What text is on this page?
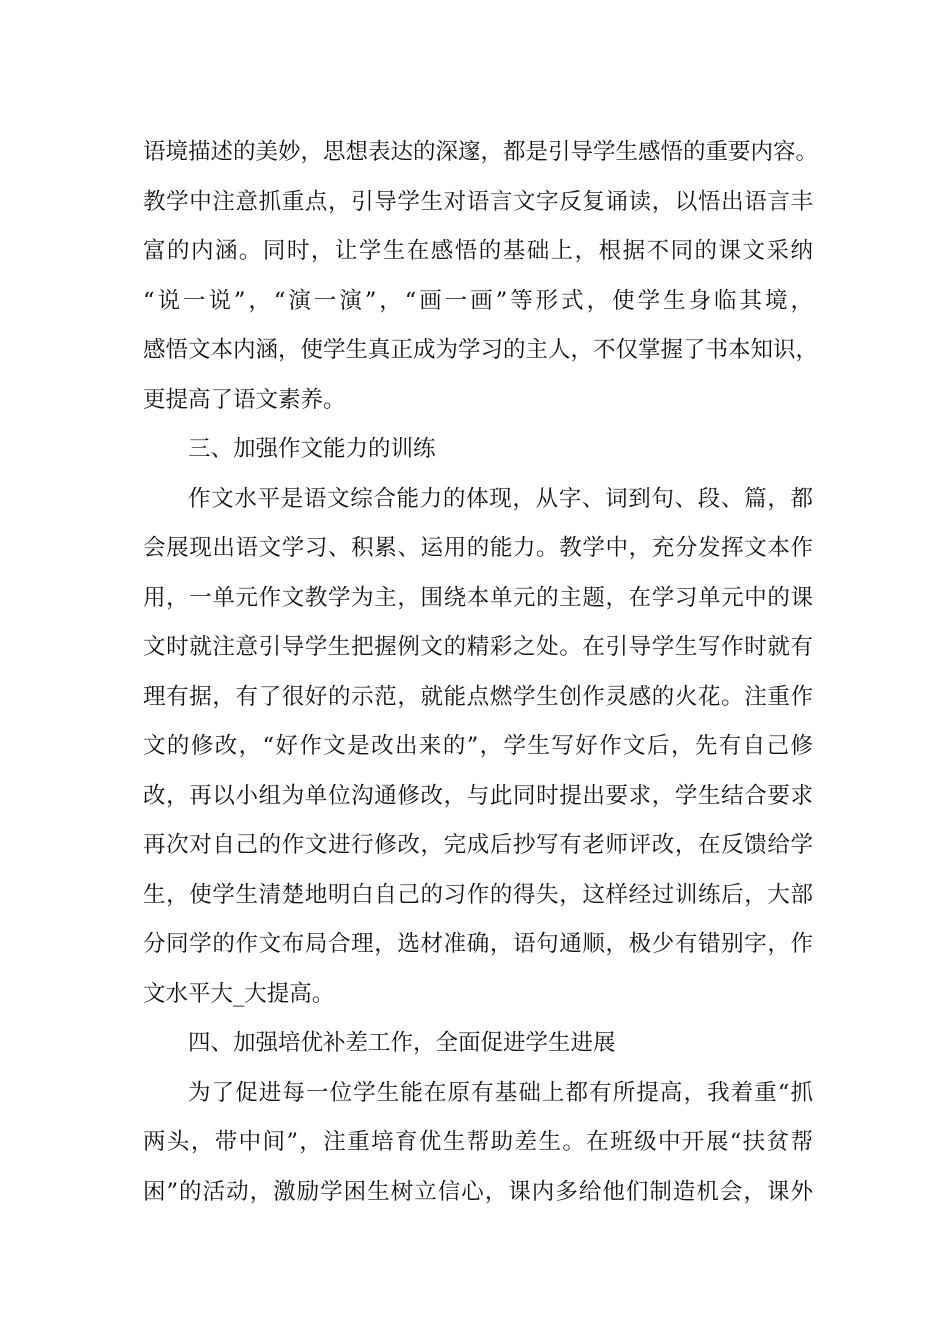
语境描述的美妙，思想表达的深邃，都是引导学生感悟的重要内容。
教学中注意抓重点，引导学生对语言文字反复诵读，以悟出语言丰
富的内涵。同时，让学生在感悟的基础上，根据不同的课文采纳
“说一说”，“演一演”，“画一画”等形式，使学生身临其境，
感悟文本内涵，使学生真正成为学习的主人，不仅掌握了书本知识，
更提高了语文素养。
三、加强作文能力的训练
作文水平是语文综合能力的体现，从字、词到句、段、篇，都
会展现出语文学习、积累、运用的能力。教学中，充分发挥文本作
用，一单元作文教学为主，围绕本单元的主题，在学习单元中的课
文时就注意引导学生把握例文的精彩之处。在引导学生写作时就有
理有据，有了很好的示范，就能点燃学生创作灵感的火花。注重作
文的修改，“好作文是改出来的”，学生写好作文后，先有自己修
改，再以小组为单位沟通修改，与此同时提出要求，学生结合要求
再次对自己的作文进行修改，完成后抄写有老师评改，在反馈给学
生，使学生清楚地明白自己的习作的得失，这样经过训练后，大部
分同学的作文布局合理，选材准确，语句通顺，极少有错别字，作
文水平大_大提高。
四、加强培优补差工作，全面促进学生进展
为了促进每一位学生能在原有基础上都有所提高，我着重“抓
两头，带中间”，注重培育优生帮助差生。在班级中开展“扶贫帮
困”的活动，激励学困生树立信心，课内多给他们制造机会，课外
